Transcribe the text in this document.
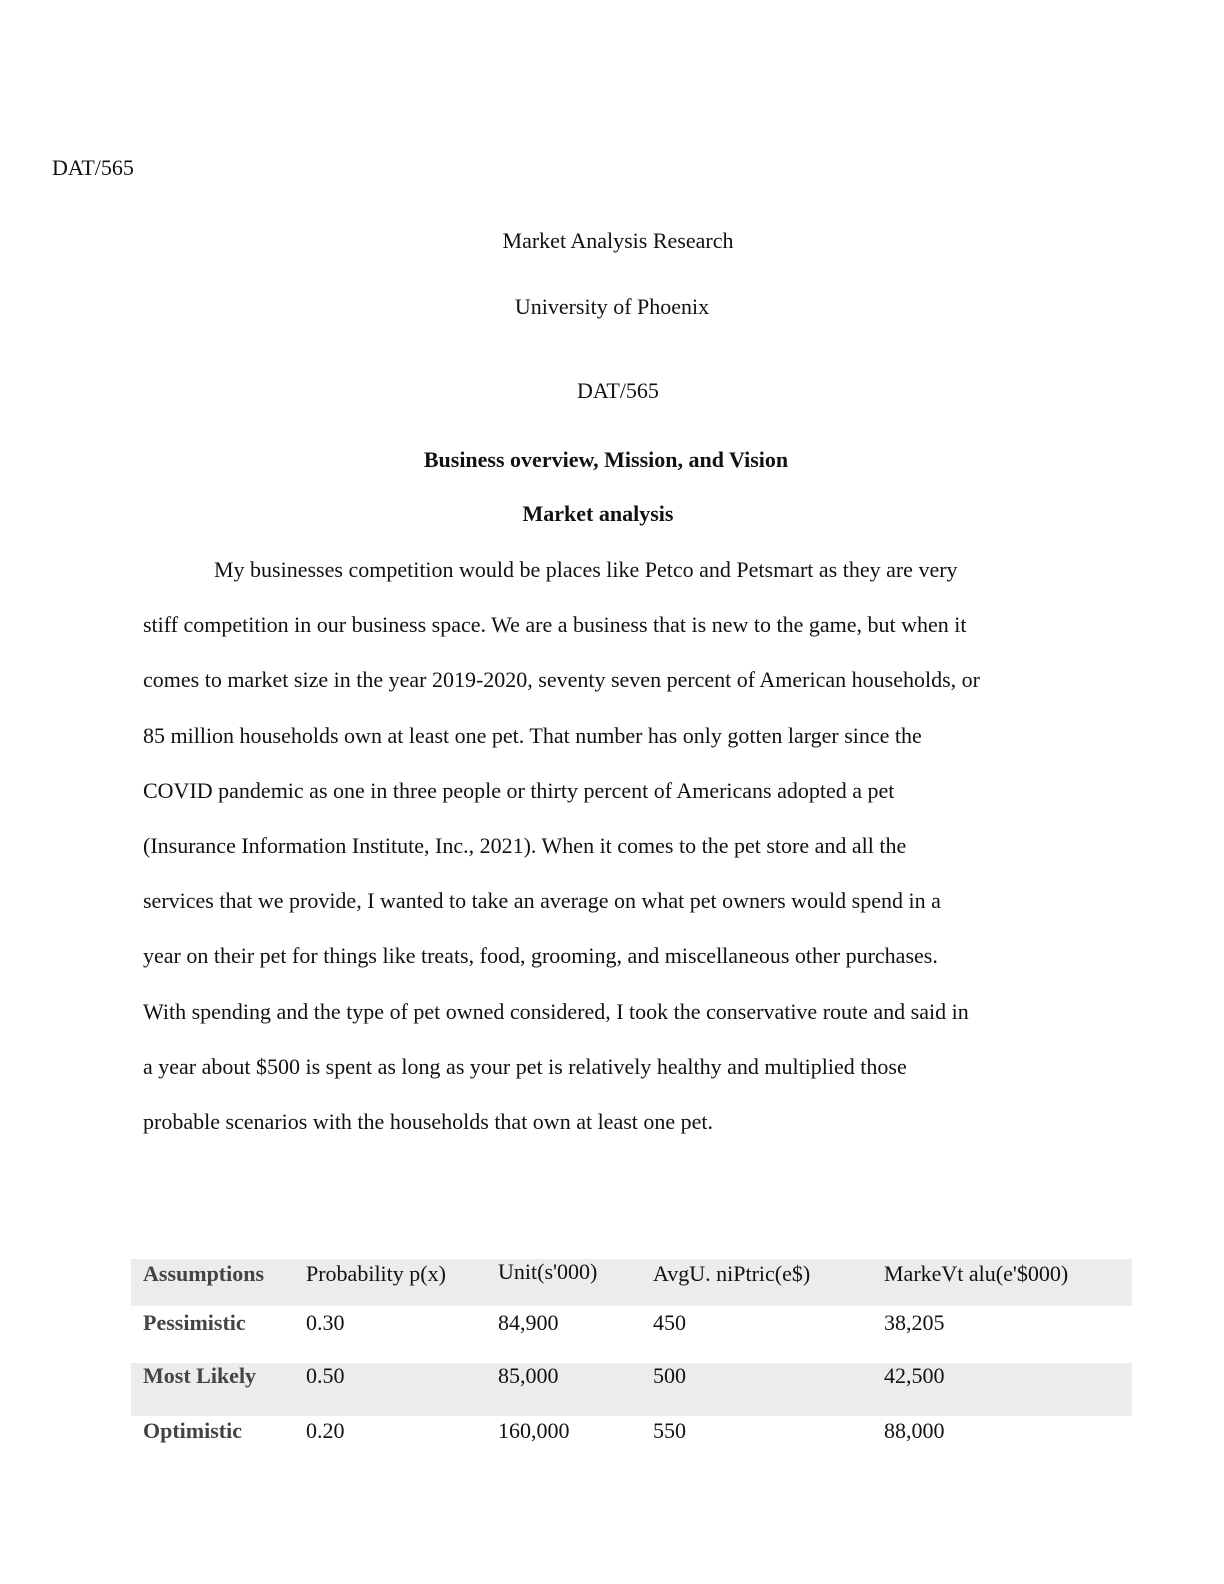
DAT/565
Market Analysis Research
University of Phoenix
DAT/565
Business overview, Mission, and Vision
Market analysis
My businesses competition would be places like Petco and Petsmart as they are very
stiff competition in our business space. We are a business that is new to the game, but when it
comes to market size in the year 2019-2020, seventy seven percent of American households, or
85 million households own at least one pet. That number has only gotten larger since the
COVID pandemic as one in three people or thirty percent of Americans adopted a pet
(Insurance Information Institute, Inc., 2021). When it comes to the pet store and all the
services that we provide, I wanted to take an average on what pet owners would spend in a
year on their pet for things like treats, food, grooming, and miscellaneous other purchases.
With spending and the type of pet owned considered, I took the conservative route and said in
a year about $500 is spent as long as your pet is relatively healthy and multiplied those
probable scenarios with the households that own at least one pet.
Assumptions	Probability p(x)	Unit(s'000)	AvgU. niPtric(e$)	MarkeVt alu(e'$000)
Pessimistic	0.30	84,900	450	38,205
Most Likely	0.50	85,000	500	42,500
Optimistic	0.20	160,000	550	88,000
